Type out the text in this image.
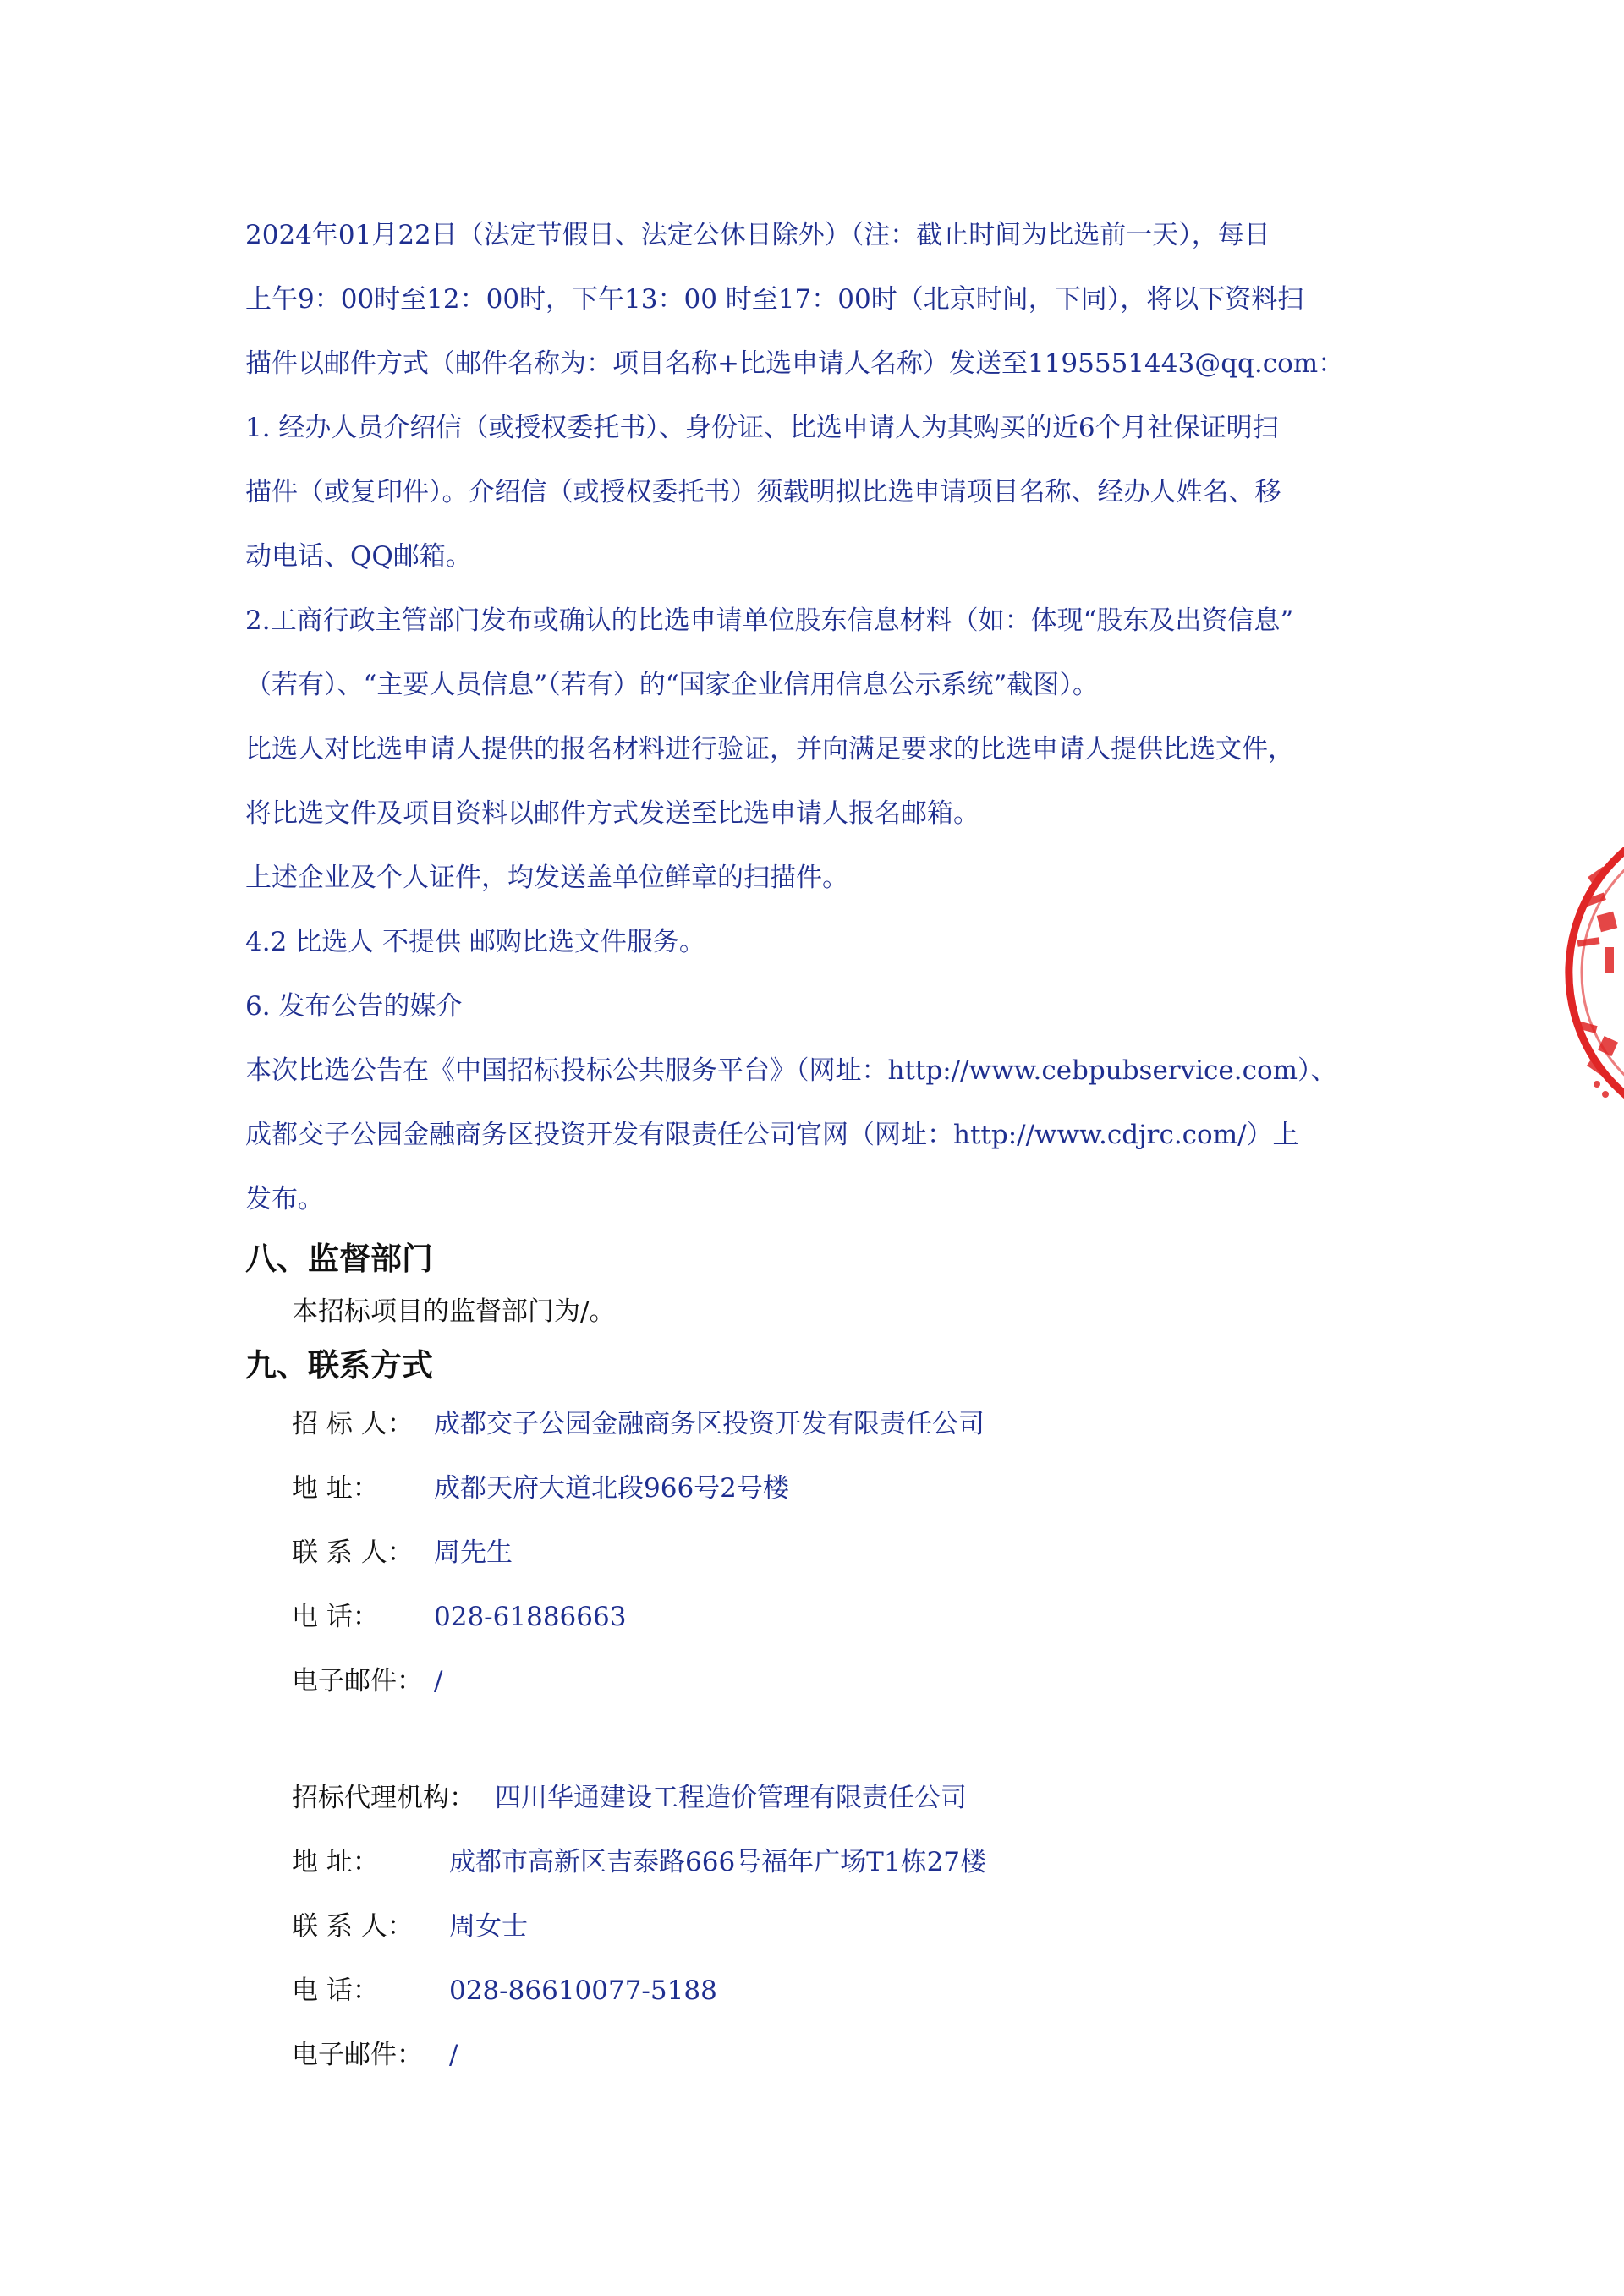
2024年01月22日（法定节假日、法定公休日除外）（注：截止时间为比选前一天），每日

上午9：00时至12：00时，下午13：00 时至17：00时（北京时间，下同），将以下资料扫

描件以邮件方式（邮件名称为：项目名称+比选申请人名称）发送至1195551443@qq.com：

1. 经办人员介绍信（或授权委托书）、身份证、比选申请人为其购买的近6个月社保证明扫

描件（或复印件）。介绍信（或授权委托书）须载明拟比选申请项目名称、经办人姓名、移

动电话、QQ邮箱。

2.工商行政主管部门发布或确认的比选申请单位股东信息材料（如：体现“股东及出资信息”

（若有）、“主要人员信息”（若有）的“国家企业信用信息公示系统”截图）。

比选人对比选申请人提供的报名材料进行验证，并向满足要求的比选申请人提供比选文件，

将比选文件及项目资料以邮件方式发送至比选申请人报名邮箱。

上述企业及个人证件，均发送盖单位鲜章的扫描件。

4.2 比选人 不提供 邮购比选文件服务。

6. 发布公告的媒介

本次比选公告在《中国招标投标公共服务平台》（网址：http://www.cebpubservice.com）、

成都交子公园金融商务区投资开发有限责任公司官网（网址：http://www.cdjrc.com/）上

发布。

八、监督部门

本招标项目的监督部门为/。

九、联系方式

招 标 人： 成都交子公园金融商务区投资开发有限责任公司

地 址： 成都天府大道北段966号2号楼

联 系 人： 周先生

电 话： 028-61886663

电子邮件： /

招标代理机构： 四川华通建设工程造价管理有限责任公司

地 址：	成都市高新区吉泰路666号福年广场T1栋27楼

联 系 人： 周女士

电 话：	028-86610077-5188

电子邮件： /
